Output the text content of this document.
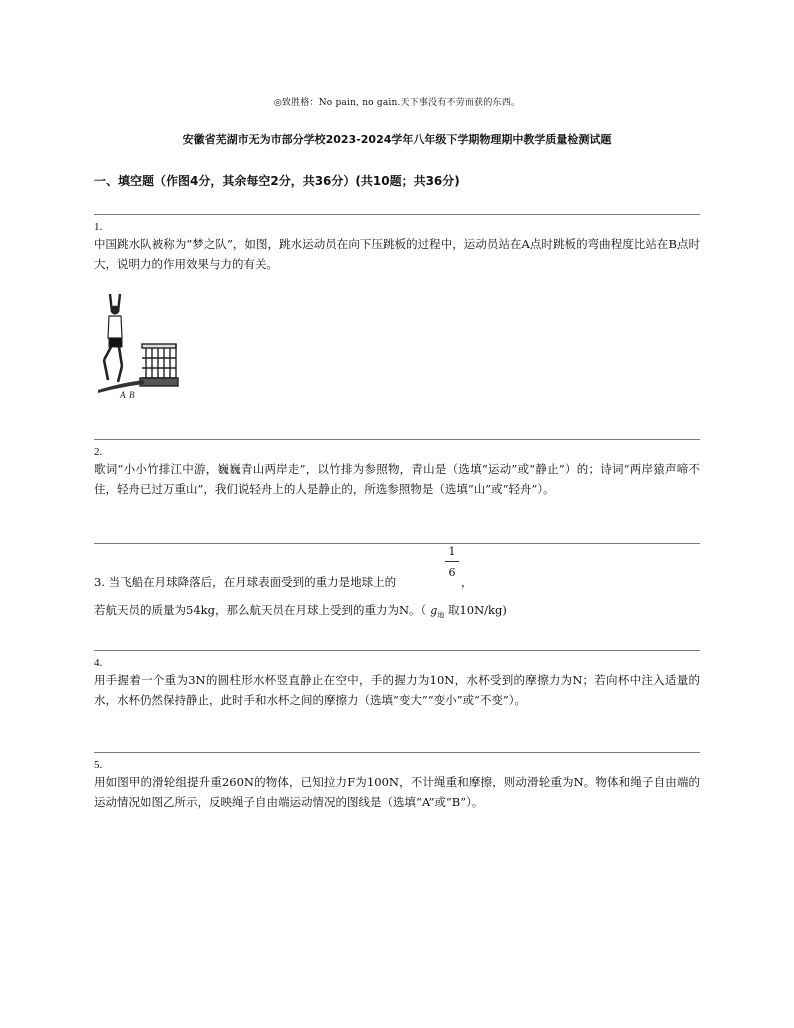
◎致胜格：No pain, no gain.天下事没有不劳而获的东西。
安徽省芜湖市无为市部分学校2023-2024学年八年级下学期物理期中教学质量检测试题
一、填空题（作图4分，其余每空2分，共36分）(共10题；共36分)
1.
中国跳水队被称为“梦之队”，如图，跳水运动员在向下压跳板的过程中，运动员站在A点时跳板的弯曲程度比站在B点时大，说明力的作用效果与力的有关。
A B
2.
歌词“小小竹排江中游，巍巍青山两岸走”，以竹排为参照物，青山是（选填“运动”或“静止”）的；诗词“两岸猿声啼不住，轻舟已过万重山”，我们说轻舟上的人是静止的，所选参照物是（选填“山”或“轻舟”）。
3. 当飞船在月球降落后，在月球表面受到的重力是地球上的
1
6
，
若航天员的质量为54kg，那么航天员在月球上受到的重力为N。（ $g_地$ 取10N/kg)
4.
用手握着一个重为3N的圆柱形水杯竖直静止在空中，手的握力为10N，水杯受到的摩擦力为N；若向杯中注入适量的水，水杯仍然保持静止，此时手和水杯之间的摩擦力（选填“变大”“变小”或“不变”）。
5.
用如图甲的滑轮组提升重260N的物体，已知拉力F为100N，不计绳重和摩擦，则动滑轮重为N。物体和绳子自由端的运动情况如图乙所示，反映绳子自由端运动情况的图线是（选填“A”或“B”）。
